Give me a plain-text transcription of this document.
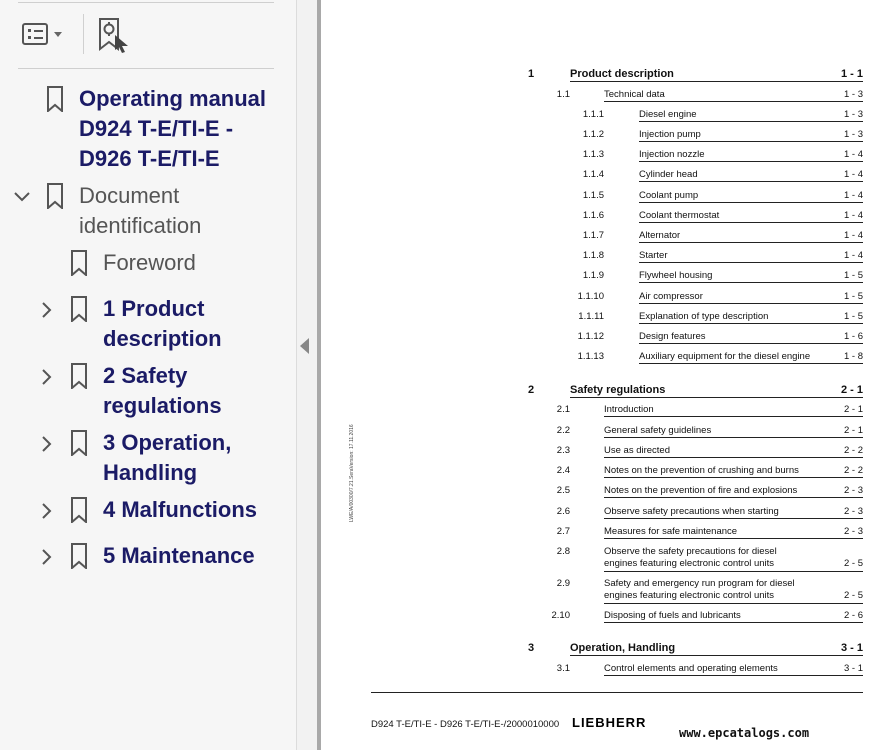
Operating manual
D924 T-E/TI-E -
D926 T-E/TI-E
Document
identification
Foreword
1 Product
description
2 Safety
regulations
3 Operation,
Handling
4 Malfunctions
5 Maintenance
1	Product description	1 - 1
1.1	Technical data	1 - 3
1.1.1	Diesel engine	1 - 3
1.1.2	Injection pump	1 - 3
1.1.3	Injection nozzle	1 - 4
1.1.4	Cylinder head	1 - 4
1.1.5	Coolant pump	1 - 4
1.1.6	Coolant thermostat	1 - 4
1.1.7	Alternator	1 - 4
1.1.8	Starter	1 - 4
1.1.9	Flywheel housing	1 - 5
1.1.10	Air compressor	1 - 5
1.1.11	Explanation of type description	1 - 5
1.1.12	Design features	1 - 6
1.1.13	Auxiliary equipment for the diesel engine	1 - 8
2	Safety regulations	2 - 1
2.1	Introduction	2 - 1
2.2	General safety guidelines	2 - 1
2.3	Use as directed	2 - 2
2.4	Notes on the prevention of crushing and burns	2 - 2
2.5	Notes on the prevention of fire and explosions	2 - 3
2.6	Observe safety precautions when starting	2 - 3
2.7	Measures for safe maintenance	2 - 3
2.8	Observe the safety precautions for diesel
engines featuring electronic control units	2 - 5
2.9	Safety and emergency run program for diesel
engines featuring electronic control units	2 - 5
2.10	Disposing of fuels and lubricants	2 - 6
3	Operation, Handling	3 - 1
3.1	Control elements and operating elements	3 - 1
LWE/A/00300/7.21.SeraVersion: 17.11.2016
D924 T-E/TI-E - D926 T-E/TI-E-/2000010000 LIEBHERR
www.epcatalogs.com
